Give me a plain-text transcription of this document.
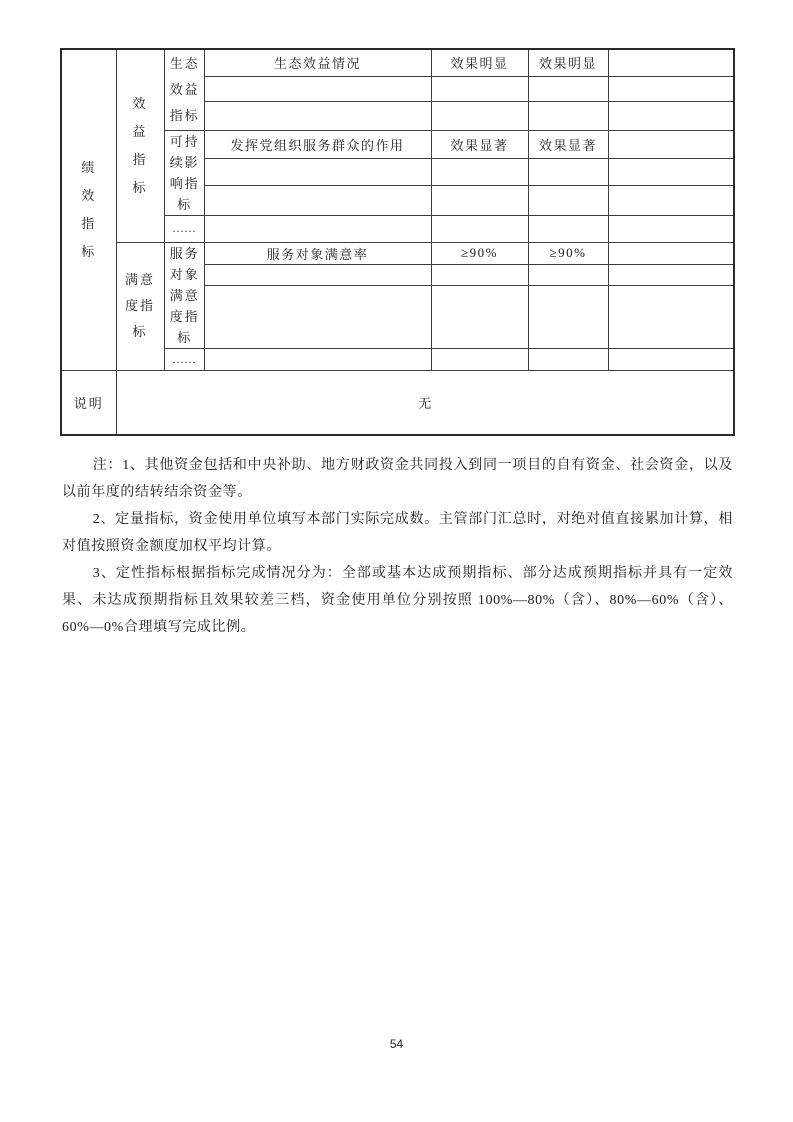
绩效指标	效益指标	生态效益指标	生态效益情况	效果明显	效果明显	

		可持续影响指标	发挥党组织服务群众的作用	效果显著	效果显著	

		……				

	满意度指标	服务对象满意度指标	服务对象满意率	≥90%	≥90%	

		……				
说明	无					

注：1、其他资金包括和中央补助、地方财政资金共同投入到同一项目的自有资金、社会资金，以及以前年度的结转结余资金等。

2、定量指标，资金使用单位填写本部门实际完成数。主管部门汇总时，对绝对值直接累加计算，相对值按照资金额度加权平均计算。

3、定性指标根据指标完成情况分为：全部或基本达成预期指标、部分达成预期指标并具有一定效果、未达成预期指标且效果较差三档，资金使用单位分别按照 100%—80%（含）、80%—60%（含）、60%—0%合理填写完成比例。

54
